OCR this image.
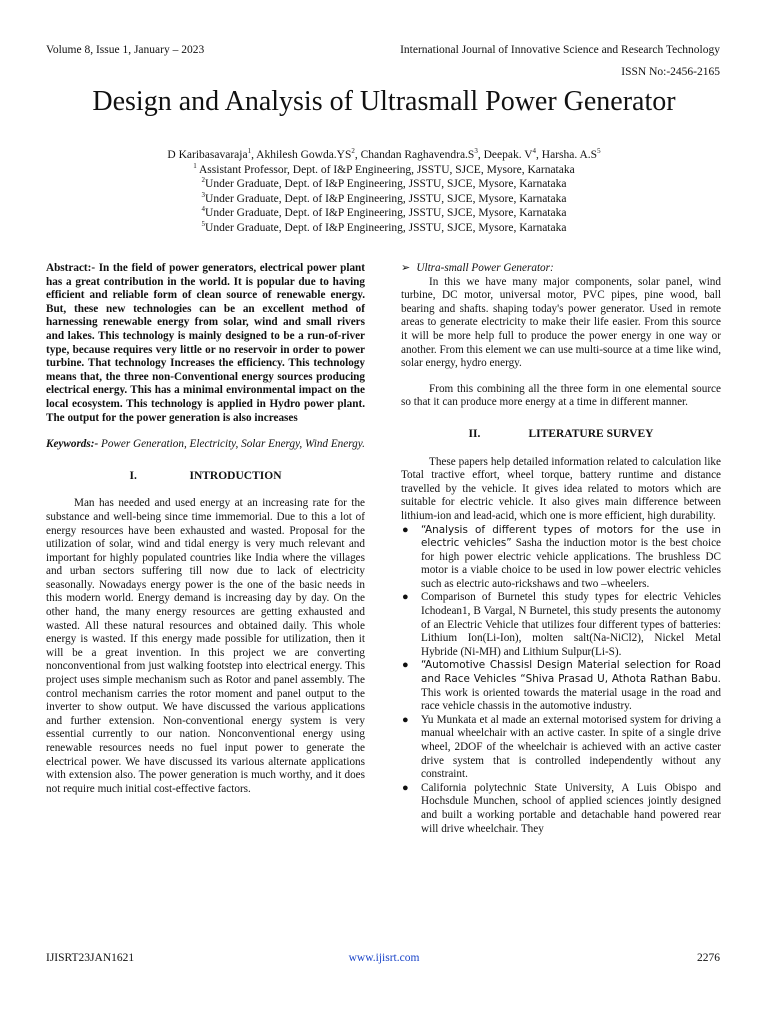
Volume 8, Issue 1, January – 2023	International Journal of Innovative Science and Research Technology
ISSN No:-2456-2165
Design and Analysis of Ultrasmall Power Generator
D Karibasavaraja$^1$, Akhilesh $Gowda.YS^2$, Chandan $Raghavendra.S^3$, Deepak. $V^4$, Harsha. $A.S^5$
$^1$ Assistant Professor, Dept. of I&P Engineering, JSSTU, SJCE, Mysore, Karnataka
$^2$Under Graduate, Dept. of I&P Engineering, JSSTU, SJCE, Mysore, Karnataka
$^3$Under Graduate, Dept. of I&P Engineering, JSSTU, SJCE, Mysore, Karnataka
$^4$Under Graduate, Dept. of I&P Engineering, JSSTU, SJCE, Mysore, Karnataka
$^5$Under Graduate, Dept. of I&P Engineering, JSSTU, SJCE, Mysore, Karnataka

Abstract:- In the field of power generators, electrical power plant has a great contribution in the world. It is popular due to having efficient and reliable form of clean source of renewable energy. But, these new technologies can be an excellent method of harnessing renewable energy from solar, wind and small rivers and lakes. This technology is mainly designed to be a run-of-river type, because requires very little or no reservoir in order to power turbine. That technology Increases the efficiency. This technology means that, the three non-Conventional energy sources producing electrical energy. This has a minimal environmental impact on the local ecosystem. This technology is applied in Hydro power plant. The output for the power generation is also increases

Keywords:- Power Generation, Electricity, Solar Energy, Wind Energy.

I.	INTRODUCTION

Man has needed and used energy at an increasing rate for the substance and well-being since time immemorial. Due to this a lot of energy resources have been exhausted and wasted. Proposal for the utilization of solar, wind and tidal energy is very much relevant and important for highly populated countries like India where the villages and urban sectors suffering till now due to lack of electricity seasonally. Nowadays energy power is the one of the basic needs in this modern world. Energy demand is increasing day by day. On the other hand, the many energy resources are getting exhausted and wasted. All these natural resources and obtained daily. This whole energy is wasted. If this energy made possible for utilization, then it will be a great invention. In this project we are converting nonconventional from just walking footstep into electrical energy. This project uses simple mechanism such as Rotor and panel assembly. The control mechanism carries the rotor moment and panel output to the inverter to show output. We have discussed the various applications and further extension. Non-conventional energy system is very essential currently to our nation. Nonconventional energy using renewable resources needs no fuel input power to generate the electrical power. We have discussed its various alternate applications with extension also. The power generation is much worthy, and it does not require much initial cost-effective factors.

➢ Ultra-small Power Generator:

In this we have many major components, solar panel, wind turbine, DC motor, universal motor, PVC pipes, pine wood, ball bearing and shafts. shaping today's power generator. Used in remote areas to generate electricity to make their life easier. From this source it will be more help full to produce the power energy in one way or another. From this element we can use multi-source at a time like wind, solar energy, hydro energy.

From this combining all the three form in one elemental source so that it can produce more energy at a time in different manner.

II.	LITERATURE SURVEY

These papers help detailed information related to calculation like Total tractive effort, wheel torque, battery runtime and distance travelled by the vehicle. It gives idea related to motors which are suitable for electric vehicle. It also gives main difference between lithium-ion and lead-acid, which one is more efficient, high durability.

● “Analysis of different types of motors for the use in electric vehicles” Sasha the induction motor is the best choice for high power electric vehicle applications. The brushless DC motor is a viable choice to be used in low power electric vehicles such as electric auto-rickshaws and two –wheelers.
● Comparison of Burnetel this study types for electric Vehicles Ichodean1, B Vargal, N Burnetel, this study presents the autonomy of an Electric Vehicle that utilizes four different types of batteries: Lithium Ion(Li-Ion), molten salt(Na-NiCl2), Nickel Metal Hybride (Ni-MH) and Lithium Sulpur(Li-S).
● “Automotive Chassisl Design Material selection for Road and Race Vehicles “Shiva Prasad U, Athota Rathan Babu. This work is oriented towards the material usage in the road and race vehicle chassis in the automotive industry.
● Yu Munkata et al made an external motorised system for driving a manual wheelchair with an active caster. In spite of a single drive wheel, 2DOF of the wheelchair is achieved with an active caster drive system that is controlled independently without any constraint.
● California polytechnic State University, A Luis Obispo and Hochsdule Munchen, school of applied sciences jointly designed and built a working portable and detachable hand powered rear will drive wheelchair. They
IJISRT23JAN1621	www.ijisrt.com	2276
